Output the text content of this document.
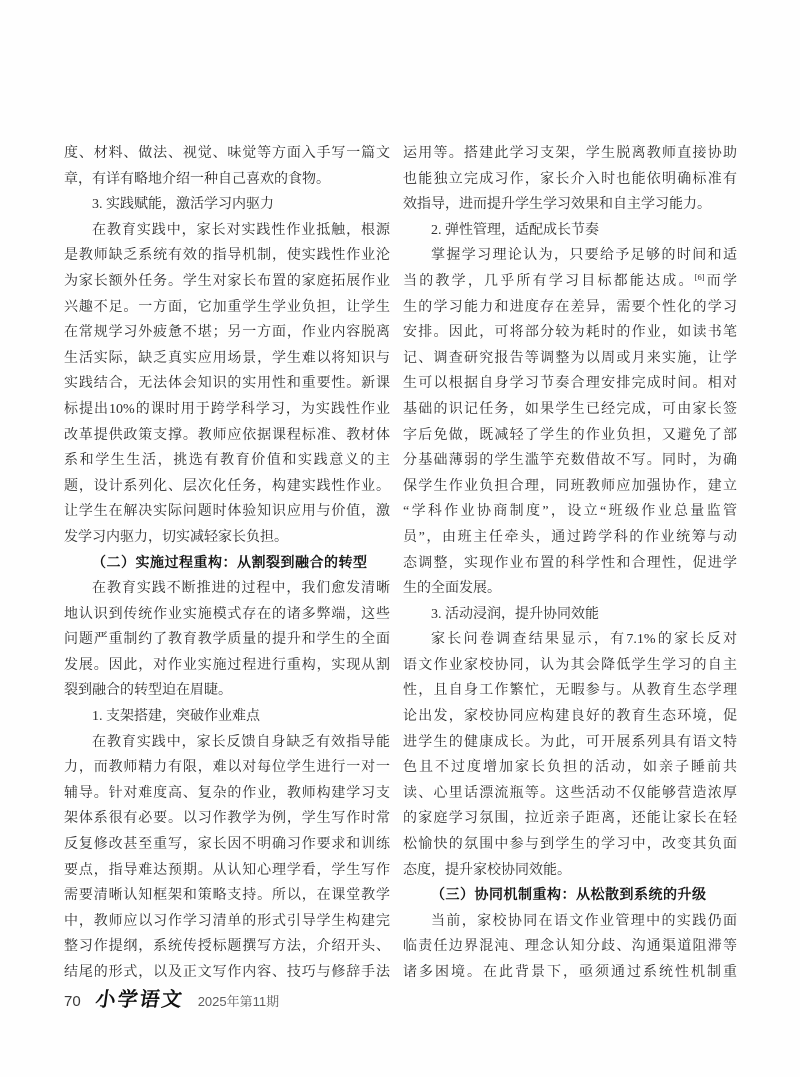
度、材料、做法、视觉、味觉等方面入手写一篇文
章，有详有略地介绍一种自己喜欢的食物。
3. 实践赋能，激活学习内驱力
在教育实践中，家长对实践性作业抵触，根源
是教师缺乏系统有效的指导机制，使实践性作业沦
为家长额外任务。学生对家长布置的家庭拓展作业
兴趣不足。一方面，它加重学生学业负担，让学生
在常规学习外疲惫不堪；另一方面，作业内容脱离
生活实际，缺乏真实应用场景，学生难以将知识与
实践结合，无法体会知识的实用性和重要性。新课
标提出10%的课时用于跨学科学习，为实践性作业
改革提供政策支撑。教师应依据课程标准、教材体
系和学生生活，挑选有教育价值和实践意义的主
题，设计系列化、层次化任务，构建实践性作业。
让学生在解决实际问题时体验知识应用与价值，激
发学习内驱力，切实减轻家长负担。
（二）实施过程重构：从割裂到融合的转型
在教育实践不断推进的过程中，我们愈发清晰
地认识到传统作业实施模式存在的诸多弊端，这些
问题严重制约了教育教学质量的提升和学生的全面
发展。因此，对作业实施过程进行重构，实现从割
裂到融合的转型迫在眉睫。
1. 支架搭建，突破作业难点
在教育实践中，家长反馈自身缺乏有效指导能
力，而教师精力有限，难以对每位学生进行一对一
辅导。针对难度高、复杂的作业，教师构建学习支
架体系很有必要。以习作教学为例，学生写作时常
反复修改甚至重写，家长因不明确习作要求和训练
要点，指导难达预期。从认知心理学看，学生写作
需要清晰认知框架和策略支持。所以，在课堂教学
中，教师应以习作学习清单的形式引导学生构建完
整习作提纲，系统传授标题撰写方法，介绍开头、
结尾的形式，以及正文写作内容、技巧与修辞手法
运用等。搭建此学习支架，学生脱离教师直接协助
也能独立完成习作，家长介入时也能依明确标准有
效指导，进而提升学生学习效果和自主学习能力。
2. 弹性管理，适配成长节奏
掌握学习理论认为，只要给予足够的时间和适
当的教学，几乎所有学习目标都能达成。[6]而学
生的学习能力和进度存在差异，需要个性化的学习
安排。因此，可将部分较为耗时的作业，如读书笔
记、调查研究报告等调整为以周或月来实施，让学
生可以根据自身学习节奏合理安排完成时间。相对
基础的识记任务，如果学生已经完成，可由家长签
字后免做，既减轻了学生的作业负担，又避免了部
分基础薄弱的学生滥竽充数借故不写。同时，为确
保学生作业负担合理，同班教师应加强协作，建立
“学科作业协商制度”，设立“班级作业总量监管
员”，由班主任牵头，通过跨学科的作业统筹与动
态调整，实现作业布置的科学性和合理性，促进学
生的全面发展。
3. 活动浸润，提升协同效能
家长问卷调查结果显示，有7.1%的家长反对
语文作业家校协同，认为其会降低学生学习的自主
性，且自身工作繁忙，无暇参与。从教育生态学理
论出发，家校协同应构建良好的教育生态环境，促
进学生的健康成长。为此，可开展系列具有语文特
色且不过度增加家长负担的活动，如亲子睡前共
读、心里话漂流瓶等。这些活动不仅能够营造浓厚
的家庭学习氛围，拉近亲子距离，还能让家长在轻
松愉快的氛围中参与到学生的学习中，改变其负面
态度，提升家校协同效能。
（三）协同机制重构：从松散到系统的升级
当前，家校协同在语文作业管理中的实践仍面
临责任边界混沌、理念认知分歧、沟通渠道阻滞等
诸多困境。在此背景下，亟须通过系统性机制重
70 小学语文 2025年第11期
